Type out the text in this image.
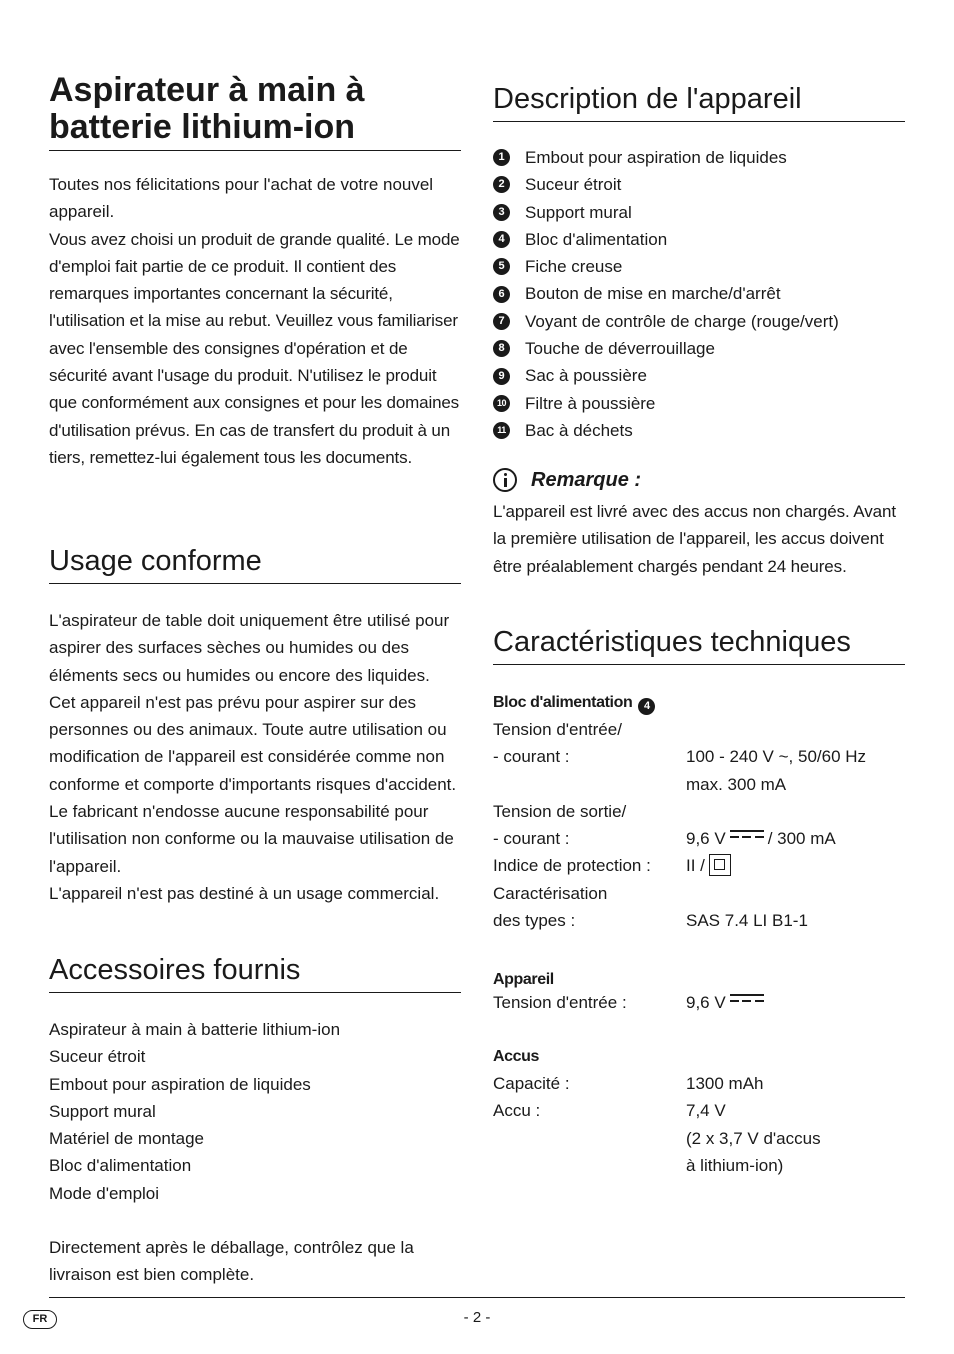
Aspirateur à main à batterie lithium-ion

Toutes nos félicitations pour l'achat de votre nouvel appareil.

Vous avez choisi un produit de grande qualité. Le mode d'emploi fait partie de ce produit. Il contient des remarques importantes concernant la sécurité, l'utilisation et la mise au rebut. Veuillez vous familiariser avec l'ensemble des consignes d'opération et de sécurité avant l'usage du produit. N'utilisez le produit que conformément aux consignes et pour les domaines d'utilisation prévus. En cas de transfert du produit à un tiers, remettez-lui également tous les documents.

Usage conforme

L'aspirateur de table doit uniquement être utilisé pour aspirer des surfaces sèches ou humides ou des éléments secs ou humides ou encore des liquides.

Cet appareil n'est pas prévu pour aspirer sur des personnes ou des animaux. Toute autre utilisation ou modification de l'appareil est considérée comme non conforme et comporte d'importants risques d'accident. Le fabricant n'endosse aucune responsabilité pour l'utilisation non conforme ou la mauvaise utilisation de l'appareil.

L'appareil n'est pas destiné à un usage commercial.

Accessoires fournis
Aspirateur à main à batterie lithium-ion
Suceur étroit
Embout pour aspiration de liquides
Support mural
Matériel de montage
Bloc d'alimentation
Mode d'emploi
Directement après le déballage, contrôlez que la livraison est bien complète.
Description de l'appareil
1	Embout pour aspiration de liquides
2	Suceur étroit
3	Support mural
4	Bloc d'alimentation
5	Fiche creuse
6	Bouton de mise en marche/d'arrêt
7	Voyant de contrôle de charge (rouge/vert)
8	Touche de déverrouillage
9	Sac à poussière
10 Filtre à poussière
11 Bac à déchets
Remarque :
L'appareil est livré avec des accus non chargés. Avant la première utilisation de l'appareil, les accus doivent être préalablement chargés pendant 24 heures.
Caractéristiques techniques
Bloc d'alimentation 4
Tension d'entrée/
- courant :	100 - 240 V ~, 50/60 Hz
max. 300 mA
Tension de sortie/
- courant :	9,6 V / 300 mA
Indice de protection : II /
Caractérisation
des types :	SAS 7.4 LI B1-1
Appareil
Tension d'entrée :	9,6 V
Accus
Capacité :	1300 mAh
Accu :	7,4 V
(2 x 3,7 V d'accus
à lithium-ion)
FR	- 2 -
